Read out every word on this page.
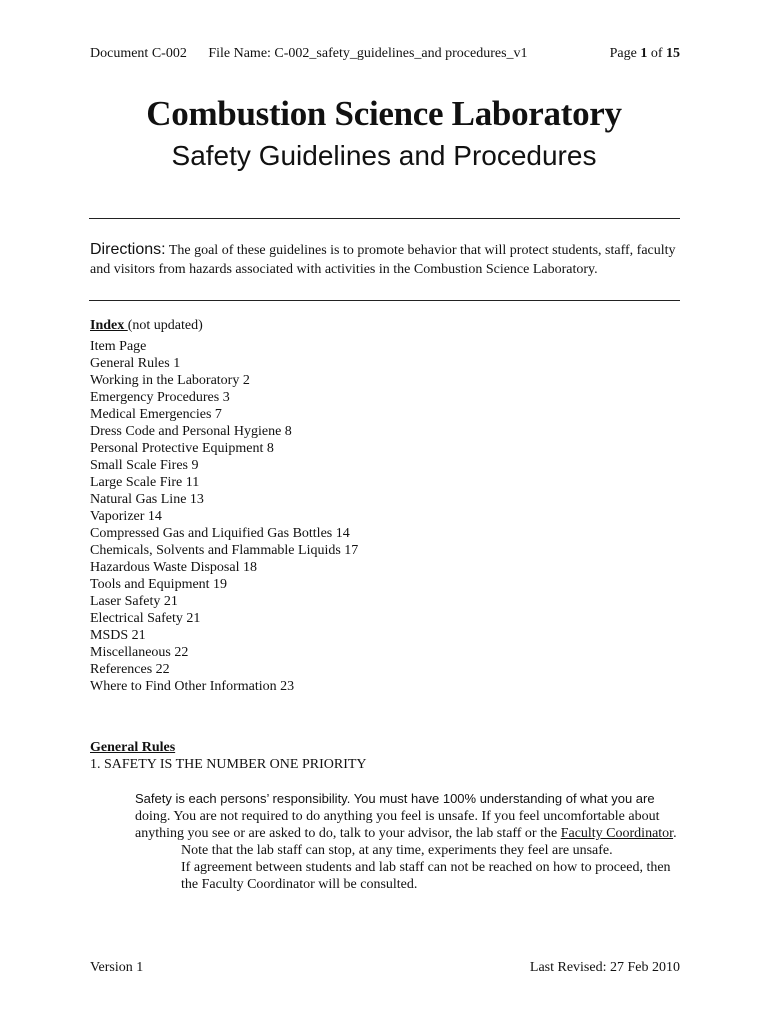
Document C-002 File Name: C-002_safety_guidelines_and procedures_v1	Page 1 of 15
Combustion Science Laboratory
Safety Guidelines and Procedures
Directions: The goal of these guidelines is to promote behavior that will protect students, staff, faculty and visitors from hazards associated with activities in the Combustion Science Laboratory.
Index (not updated)
Item Page
General Rules 1
Working in the Laboratory 2
Emergency Procedures 3
Medical Emergencies 7
Dress Code and Personal Hygiene 8
Personal Protective Equipment 8
Small Scale Fires 9
Large Scale Fire 11
Natural Gas Line 13
Vaporizer 14
Compressed Gas and Liquified Gas Bottles 14
Chemicals, Solvents and Flammable Liquids 17
Hazardous Waste Disposal 18
Tools and Equipment 19
Laser Safety 21
Electrical Safety 21
MSDS 21
Miscellaneous 22
References 22
Where to Find Other Information 23
General Rules
1. SAFETY IS THE NUMBER ONE PRIORITY
Safety is each persons’ responsibility. You must have 100% understanding of what you are doing. You are not required to do anything you feel is unsafe. If you feel uncomfortable about anything you see or are asked to do, talk to your advisor, the lab staff or the Faculty Coordinator.
Note that the lab staff can stop, at any time, experiments they feel are unsafe.
If agreement between students and lab staff can not be reached on how to proceed, then the Faculty Coordinator will be consulted.
Version 1	Last Revised: 27 Feb 2010
